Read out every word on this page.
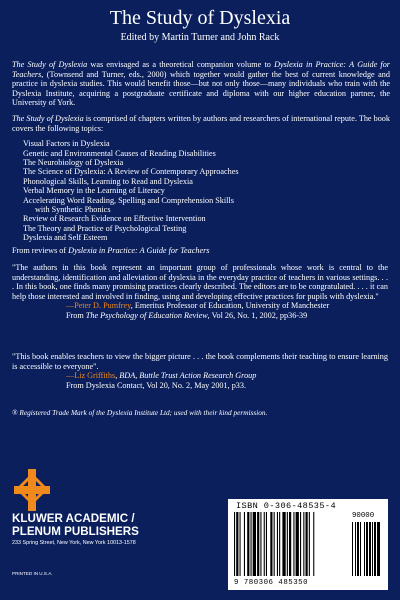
The Study of Dyslexia
Edited by Martin Turner and John Rack

The Study of Dyslexia was envisaged as a theoretical companion volume to Dyslexia in Practice: A Guide for Teachers, (Townsend and Turner, eds., 2000) which together would gather the best of current knowledge and practice in dyslexia studies. This would benefit those—but not only those—many individuals who train with the Dyslexia Institute, acquiring a postgraduate certificate and diploma with our higher education partner, the University of York.

The Study of Dyslexia is comprised of chapters written by authors and researchers of international repute. The book covers the following topics:

Visual Factors in Dyslexia
Genetic and Environmental Causes of Reading Disabilities
The Neurobiology of Dyslexia
The Science of Dyslexia: A Review of Contemporary Approaches
Phonological Skills, Learning to Read and Dyslexia
Verbal Memory in the Learning of Literacy
Accelerating Word Reading, Spelling and Comprehension Skills
with Synthetic Phonics
Review of Research Evidence on Effective Intervention
The Theory and Practice of Psychological Testing
Dyslexia and Self Esteem
From reviews of Dyslexia in Practice: A Guide for Teachers
"The authors in this book represent an important group of professionals whose work is central to the understanding, identification and alleviation of dyslexia in the everyday practice of teachers in various settings. . . . In this book, one finds many promising practices clearly described. The editors are to be congratulated. . . . it can help those interested and involved in finding, using and developing effective practices for pupils with dyslexia."
—Peter D. Pumfrey, Emeritus Professor of Education, University of Manchester
From The Psychology of Education Review, Vol 26, No. 1, 2002, pp36-39
"This book enables teachers to view the bigger picture . . . the book complements their teaching to ensure learning is accessible to everyone".
—Liz Griffiths, BDA, Buttle Trust Action Research Group
From Dyslexia Contact, Vol 20, No. 2, May 2001, p33.
® Registered Trade Mark of the Dyslexia Institute Ltd; used with their kind permission.
KLUWER ACADEMIC /
PLENUM PUBLISHERS
233 Spring Street, New York, New York 10013-1578
PRINTED IN U.S.A.
ISBN 0-306-48535-4
90000
9 780306 485350
